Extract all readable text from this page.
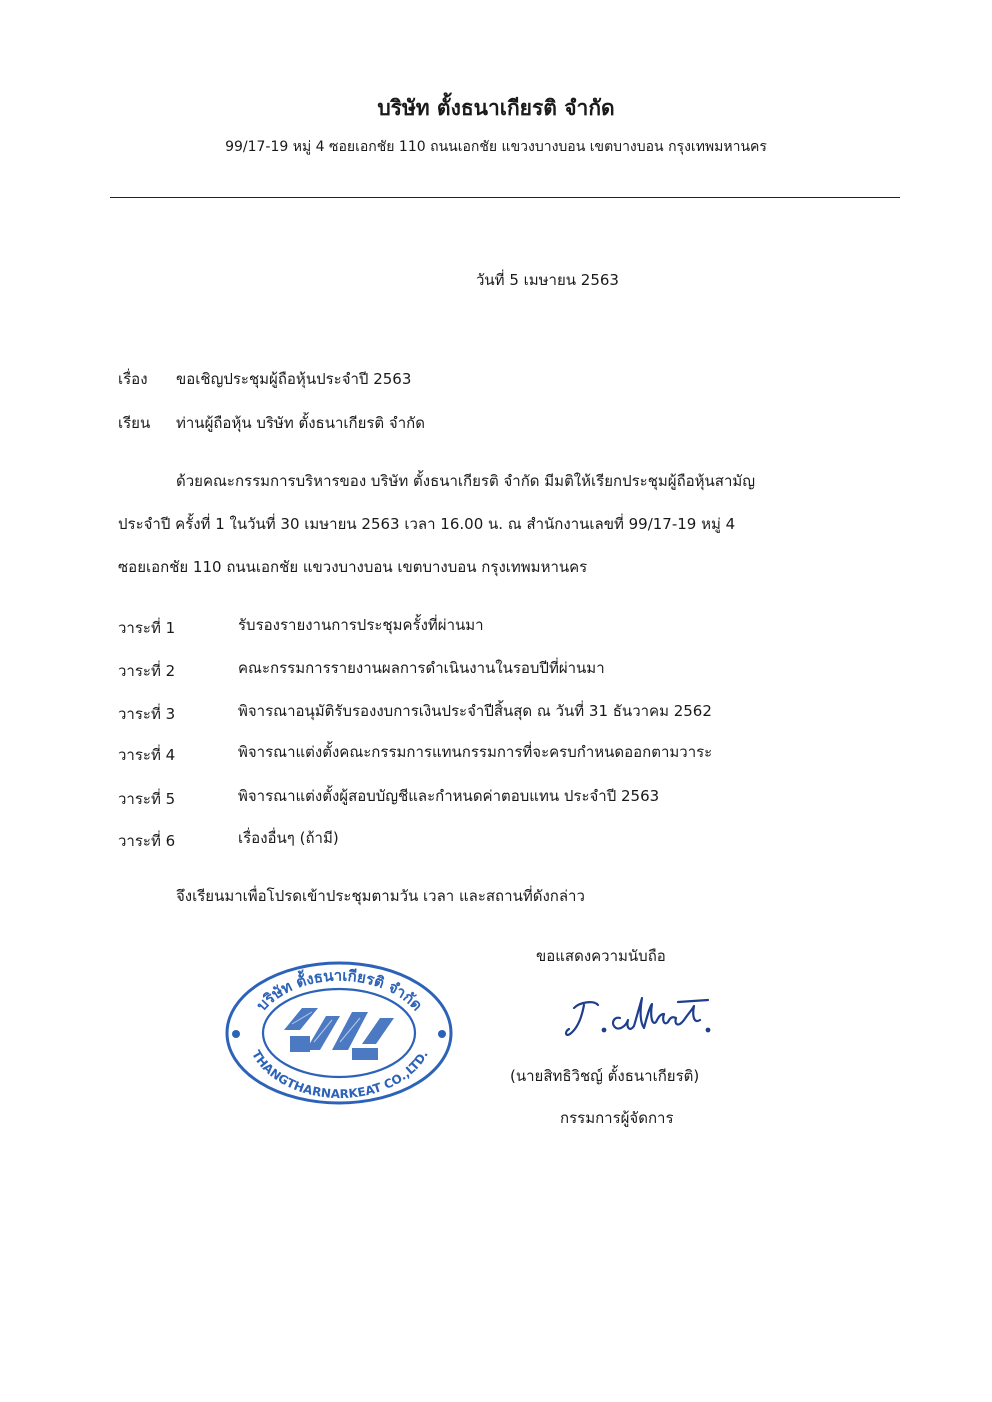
บริษัท ตั้งธนาเกียรติ จำกัด
99/17-19 หมู่ 4 ซอยเอกชัย 110 ถนนเอกชัย แขวงบางบอน เขตบางบอน กรุงเทพมหานคร
วันที่ 5 เมษายน 2563
เรื่อง ขอเชิญประชุมผู้ถือหุ้นประจำปี 2563
เรียน ท่านผู้ถือหุ้น บริษัท ตั้งธนาเกียรติ จำกัด
ด้วยคณะกรรมการบริหารของ บริษัท ตั้งธนาเกียรติ จำกัด มีมติให้เรียกประชุมผู้ถือหุ้นสามัญ
ประจำปี ครั้งที่ 1 ในวันที่ 30 เมษายน 2563 เวลา 16.00 น. ณ สำนักงานเลขที่ 99/17-19 หมู่ 4
ซอยเอกชัย 110 ถนนเอกชัย แขวงบางบอน เขตบางบอน กรุงเทพมหานคร
วาระที่ 1	รับรองรายงานการประชุมครั้งที่ผ่านมา
วาระที่ 2	คณะกรรมการรายงานผลการดำเนินงานในรอบปีที่ผ่านมา
วาระที่ 3	พิจารณาอนุมัติรับรองงบการเงินประจำปีสิ้นสุด ณ วันที่ 31 ธันวาคม 2562
วาระที่ 4	พิจารณาแต่งตั้งคณะกรรมการแทนกรรมการที่จะครบกำหนดออกตามวาระ
วาระที่ 5	พิจารณาแต่งตั้งผู้สอบบัญชีและกำหนดค่าตอบแทน ประจำปี 2563
วาระที่ 6	เรื่องอื่นๆ (ถ้ามี)
จึงเรียนมาเพื่อโปรดเข้าประชุมตามวัน เวลา และสถานที่ดังกล่าว
ขอแสดงความนับถือ
(นายสิทธิวิชญ์ ตั้งธนาเกียรติ)
กรรมการผู้จัดการ
บริษัท ตั้งธนาเกียรติ จำกัด
THANGTHARNARKEAT CO.,LTD.
